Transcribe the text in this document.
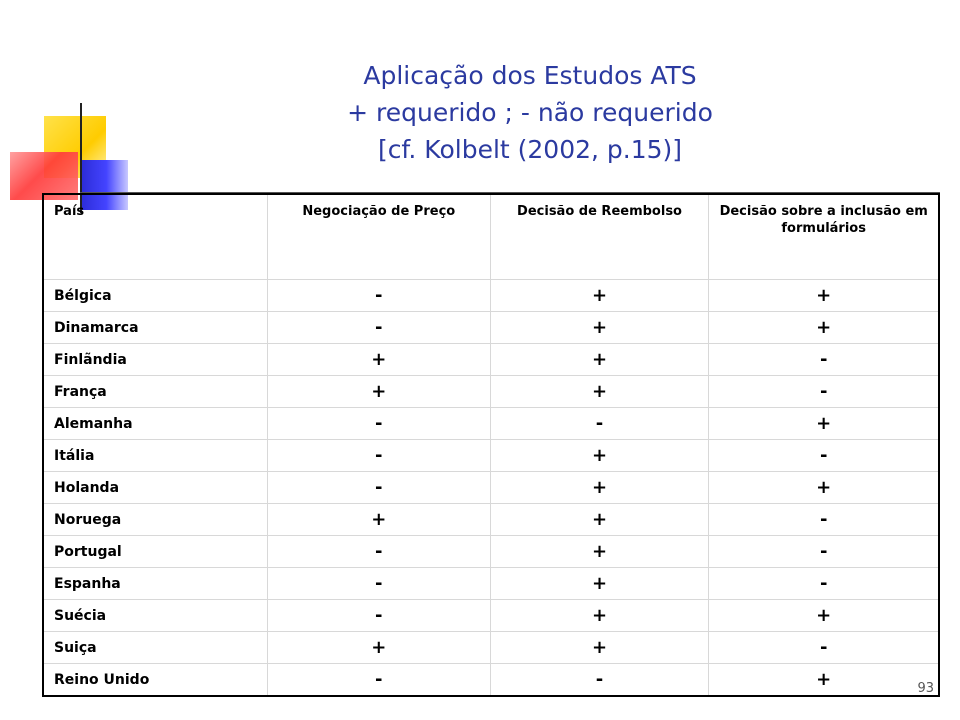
Aplicação dos Estudos ATS
+ requerido ; - não requerido
[cf. Kolbelt (2002, p.15)]
País	Negociação de Preço	Decisão de Reembolso	Decisão sobre a inclusão em formulários
Bélgica	-	+	+
Dinamarca	-	+	+
Finlãndia	+	+	-
França	+	+	-
Alemanha	-	-	+
Itália	-	+	-
Holanda	-	+	+
Noruega	+	+	-
Portugal	-	+	-
Espanha	-	+	-
Suécia	-	+	+
Suiça	+	+	-
Reino Unido	-	-	+	93
